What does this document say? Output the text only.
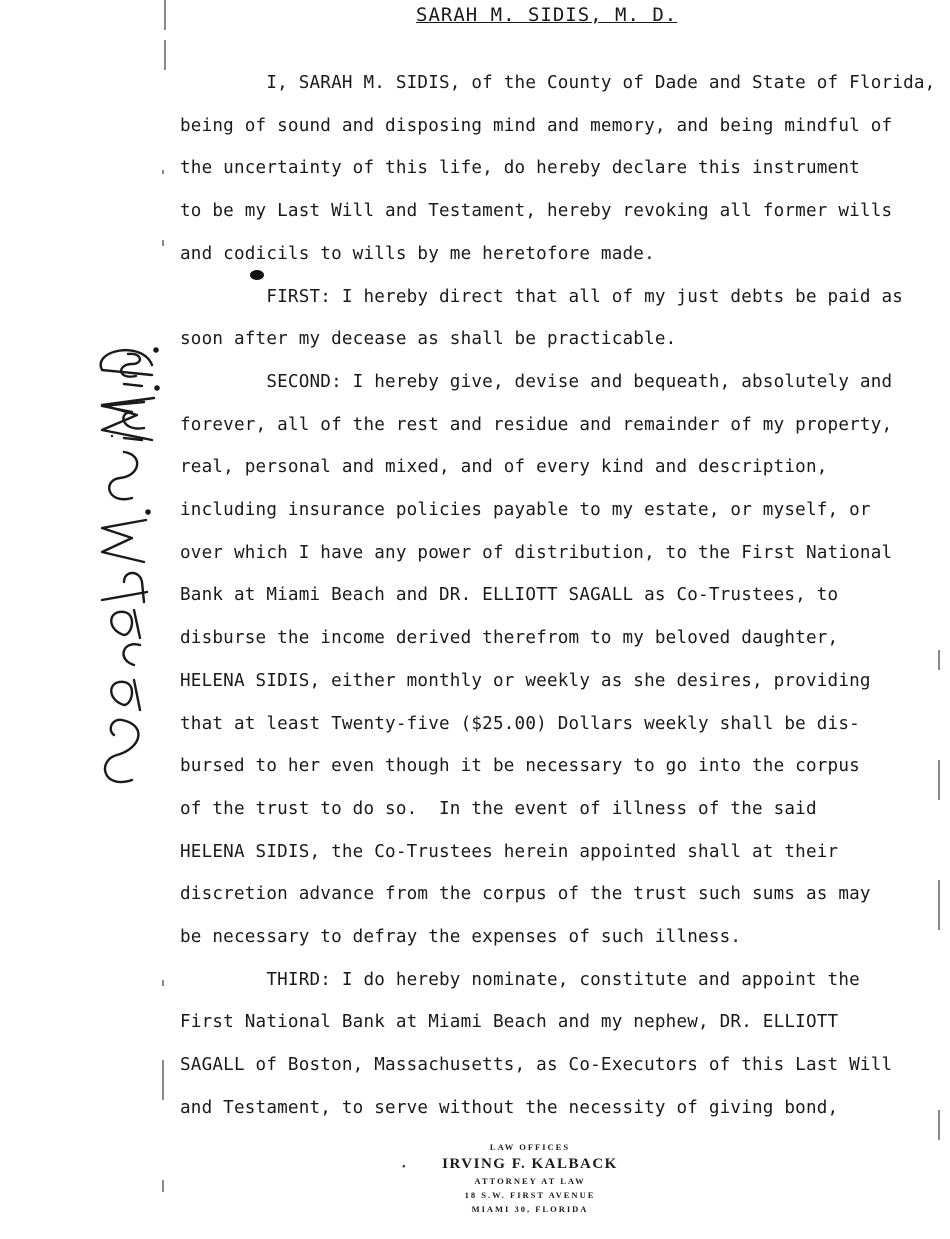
SARAH M. SIDIS, M. D.

I, SARAH M. SIDIS, of the County of Dade and State of Florida,

being of sound and disposing mind and memory, and being mindful of

the uncertainty of this life, do hereby declare this instrument

to be my Last Will and Testament, hereby revoking all former wills

and codicils to wills by me heretofore made.

FIRST: I hereby direct that all of my just debts be paid as

soon after my decease as shall be practicable.

SECOND: I hereby give, devise and bequeath, absolutely and

forever, all of the rest and residue and remainder of my property,

real, personal and mixed, and of every kind and description,

including insurance policies payable to my estate, or myself, or

over which I have any power of distribution, to the First National

Bank at Miami Beach and DR. ELLIOTT SAGALL as Co-Trustees, to

disburse the income derived therefrom to my beloved daughter,

HELENA SIDIS, either monthly or weekly as she desires, providing

that at least Twenty-five ($25.00) Dollars weekly shall be dis-

bursed to her even though it be necessary to go into the corpus

of the trust to do so.  In the event of illness of the said

HELENA SIDIS, the Co-Trustees herein appointed shall at their

discretion advance from the corpus of the trust such sums as may

be necessary to defray the expenses of such illness.

THIRD: I do hereby nominate, constitute and appoint the

First National Bank at Miami Beach and my nephew, DR. ELLIOTT

SAGALL of Boston, Massachusetts, as Co-Executors of this Last Will

and Testament, to serve without the necessity of giving bond,

•
LAW OFFICES
IRVING F. KALBACK
ATTORNEY AT LAW
18 S.W. FIRST AVENUE
MIAMI 30, FLORIDA
